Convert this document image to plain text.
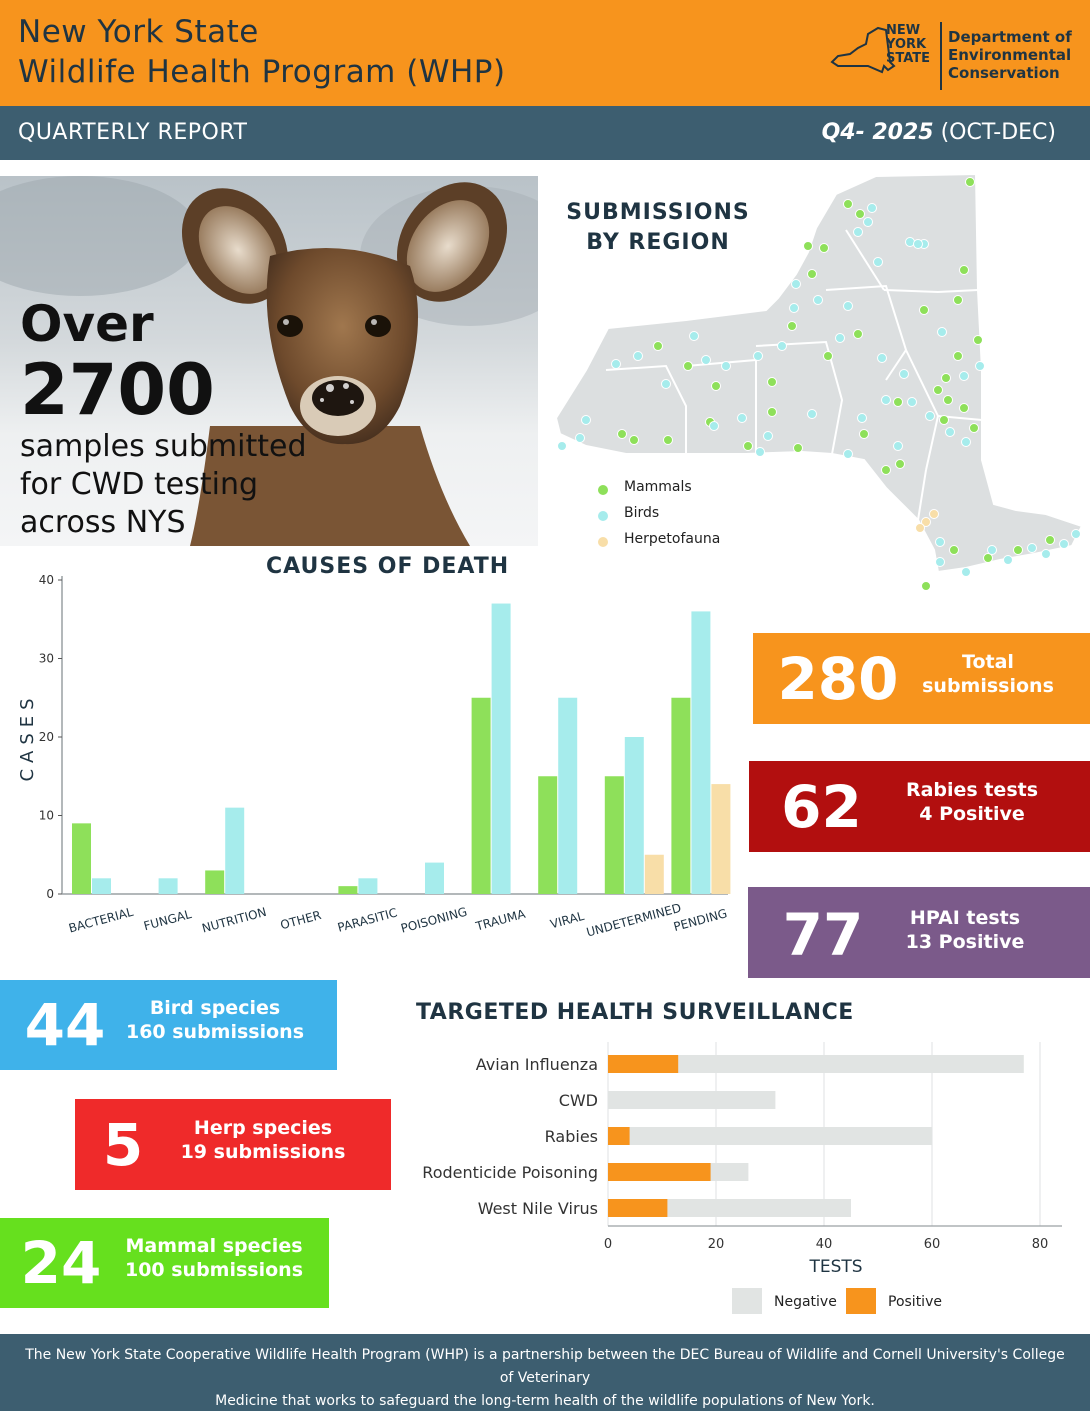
New York State
Wildlife Health Program (WHP)
NEW
YORK
STATE
Department of
Environmental
Conservation
QUARTERLY REPORT	Q4- 2025 (OCT-DEC)
Over
2700
samples submitted
for CWD testing
across NYS
SUBMISSIONS
BY REGION
Mammals
Birds
Herpetofauna
CAUSES OF DEATH
0
10
20
30
40
CASES
BACTERIAL FUNGAL NUTRITION OTHER PARASITIC POISONING TRAUMA VIRAL UNDETERMINED
PENDING
280	Total
submissions
62	Rabies tests
4 Positive
77	HPAI tests
13 Positive
44	Bird species
160 submissions
5	Herp species
19 submissions
24	Mammal species
100 submissions
TARGETED HEALTH SURVEILLANCE
0	20	40	60	80
TESTS
Avian Influenza
CWD
Rabies
Rodenticide Poisoning
West Nile Virus
Negative	Positive
The New York State Cooperative Wildlife Health Program (WHP) is a partnership between the DEC Bureau of Wildlife and Cornell University's College of Veterinary
Medicine that works to safeguard the long-term health of the wildlife populations of New York.
